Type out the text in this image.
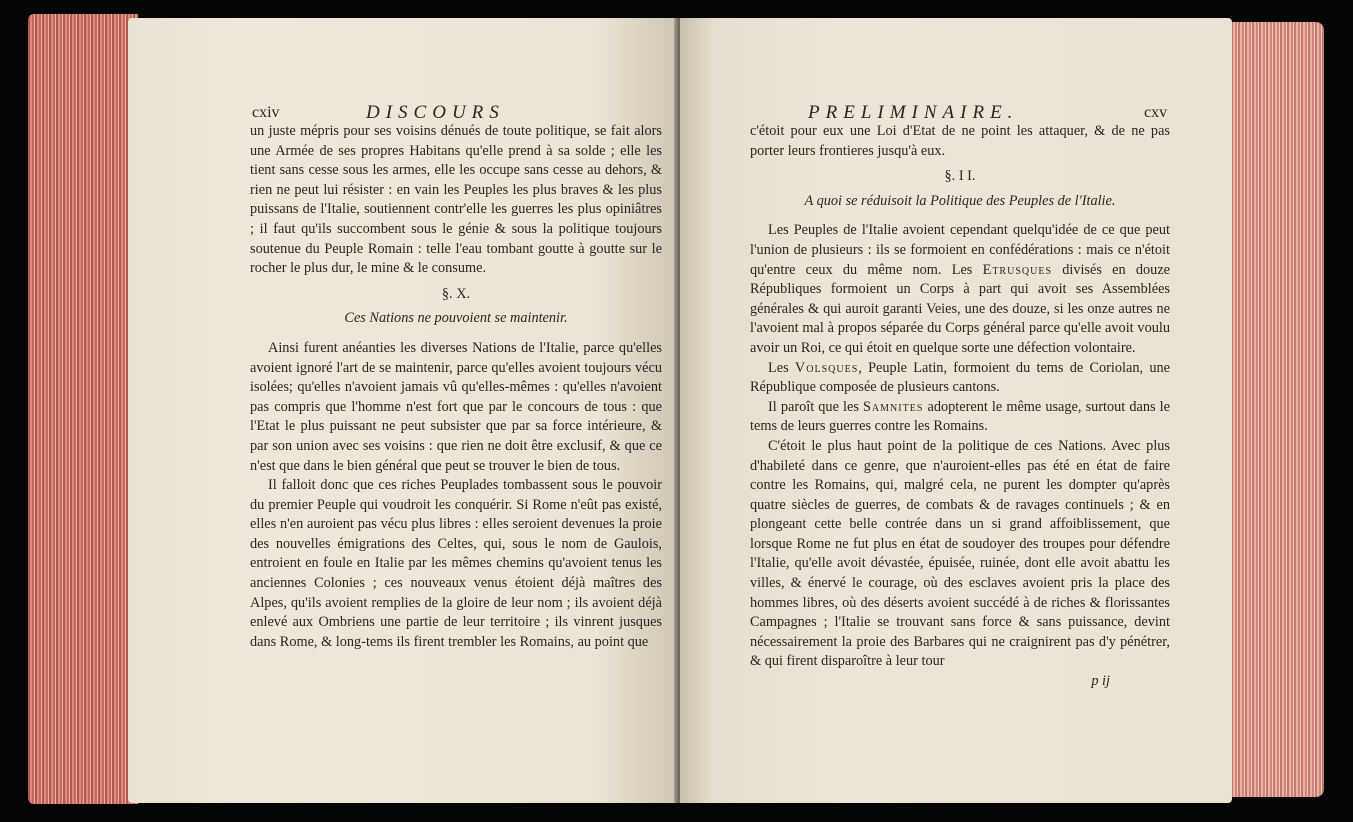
cxiv	DISCOURS

un juste mépris pour ses voisins dénués de toute politique, se fait alors une Armée de ses propres Habitans qu'elle prend à sa solde ; elle les tient sans cesse sous les armes, elle les occupe sans cesse au dehors, & rien ne peut lui résister : en vain les Peuples les plus braves & les plus puissans de l'Italie, soutiennent contr'elle les guerres les plus opiniâtres ; il faut qu'ils succombent sous le génie & sous la politique toujours soutenue du Peuple Romain : telle l'eau tombant goutte à goutte sur le rocher le plus dur, le mine & le consume.

§. X.

Ces Nations ne pouvoient se maintenir.

Ainsi furent anéanties les diverses Nations de l'Italie, parce qu'elles avoient ignoré l'art de se maintenir, parce qu'elles avoient toujours vécu isolées; qu'elles n'avoient jamais vû qu'elles-mêmes : qu'elles n'avoient pas compris que l'homme n'est fort que par le concours de tous : que l'Etat le plus puissant ne peut subsister que par sa force intérieure, & par son union avec ses voisins : que rien ne doit être exclusif, & que ce n'est que dans le bien général que peut se trouver le bien de tous.

Il falloit donc que ces riches Peuplades tombassent sous le pouvoir du premier Peuple qui voudroit les conquérir. Si Rome n'eût pas existé, elles n'en auroient pas vécu plus libres : elles seroient devenues la proie des nouvelles émigrations des Celtes, qui, sous le nom de Gaulois, entroient en foule en Italie par les mêmes chemins qu'avoient tenus les anciennes Colonies ; ces nouveaux venus étoient déjà maîtres des Alpes, qu'ils avoient remplies de la gloire de leur nom ; ils avoient déjà enlevé aux Ombriens une partie de leur territoire ; ils vinrent jusques dans Rome, & long-tems ils firent trembler les Romains, au point que

PRELIMINAIRE.	cxv

c'étoit pour eux une Loi d'Etat de ne point les attaquer, & de ne pas porter leurs frontieres jusqu'à eux.

§. I I.

A quoi se réduisoit la Politique des Peuples de l'Italie.

Les Peuples de l'Italie avoient cependant quelqu'idée de ce que peut l'union de plusieurs : ils se formoient en confédérations : mais ce n'étoit qu'entre ceux du même nom. Les Etrusques divisés en douze Républiques formoient un Corps à part qui avoit ses Assemblées générales & qui auroit garanti Veies, une des douze, si les onze autres ne l'avoient mal à propos séparée du Corps général parce qu'elle avoit voulu avoir un Roi, ce qui étoit en quelque sorte une défection volontaire.

Les Volsques, Peuple Latin, formoient du tems de Coriolan, une République composée de plusieurs cantons.

Il paroît que les Samnites adopterent le même usage, surtout dans le tems de leurs guerres contre les Romains.

C'étoit le plus haut point de la politique de ces Nations. Avec plus d'habileté dans ce genre, que n'auroient-elles pas été en état de faire contre les Romains, qui, malgré cela, ne purent les dompter qu'après quatre siècles de guerres, de combats & de ravages continuels ; & en plongeant cette belle contrée dans un si grand affoiblissement, que lorsque Rome ne fut plus en état de soudoyer des troupes pour défendre l'Italie, qu'elle avoit dévastée, épuisée, ruinée, dont elle avoit abattu les villes, & énervé le courage, où des esclaves avoient pris la place des hommes libres, où des déserts avoient succédé à de riches & florissantes Campagnes ; l'Italie se trouvant sans force & sans puissance, devint nécessairement la proie des Barbares qui ne craignirent pas d'y pénétrer, & qui firent disparoître à leur tour

p ij
